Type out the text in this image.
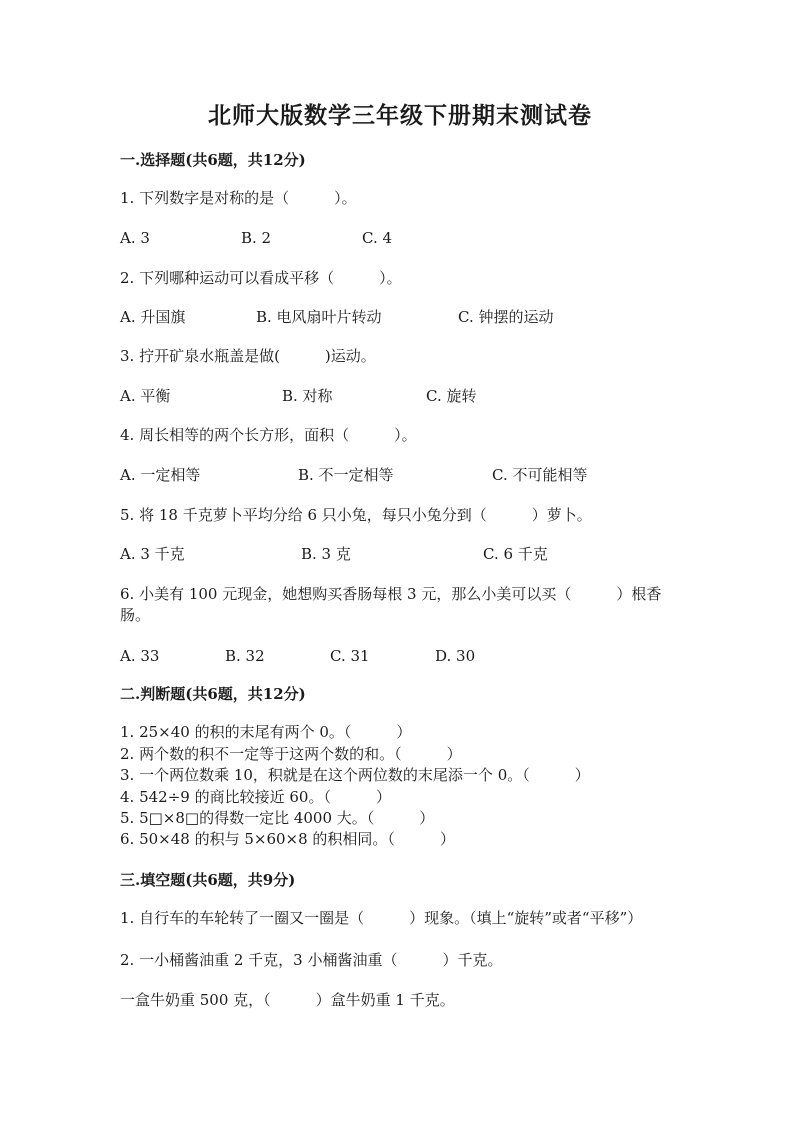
北师大版数学三年级下册期末测试卷
一.选择题(共6题，共12分)
1. 下列数字是对称的是（　　　）。
A. 3	B. 2	C. 4
2. 下列哪种运动可以看成平移（　　　）。
A. 升国旗	B. 电风扇叶片转动	C. 钟摆的运动
3. 拧开矿泉水瓶盖是做(　　　)运动。
A. 平衡	B. 对称	C. 旋转
4. 周长相等的两个长方形，面积（　　　）。
A. 一定相等	B. 不一定相等	C. 不可能相等
5. 将 18 千克萝卜平均分给 6 只小兔，每只小兔分到（　　　）萝卜。
A. 3 千克	B. 3 克	C. 6 千克
6. 小美有 100 元现金，她想购买香肠每根 3 元，那么小美可以买（　　　）根香肠。
A. 33	B. 32	C. 31	D. 30
二.判断题(共6题，共12分)
1. 25×40 的积的末尾有两个 0。（　　　）
2. 两个数的积不一定等于这两个数的和。（　　　）
3. 一个两位数乘 10，积就是在这个两位数的末尾添一个 0。（　　　）
4. 542÷9 的商比较接近 60。（　　　）
5. 5□×8□的得数一定比 4000 大。（　　　）
6. 50×48 的积与 5×60×8 的积相同。（　　　）
三.填空题(共6题，共9分)
1. 自行车的车轮转了一圈又一圈是（　　　）现象。（填上“旋转”或者“平移”）
2. 一小桶酱油重 2 千克，3 小桶酱油重（　　　）千克。
一盒牛奶重 500 克，（　　　）盒牛奶重 1 千克。
